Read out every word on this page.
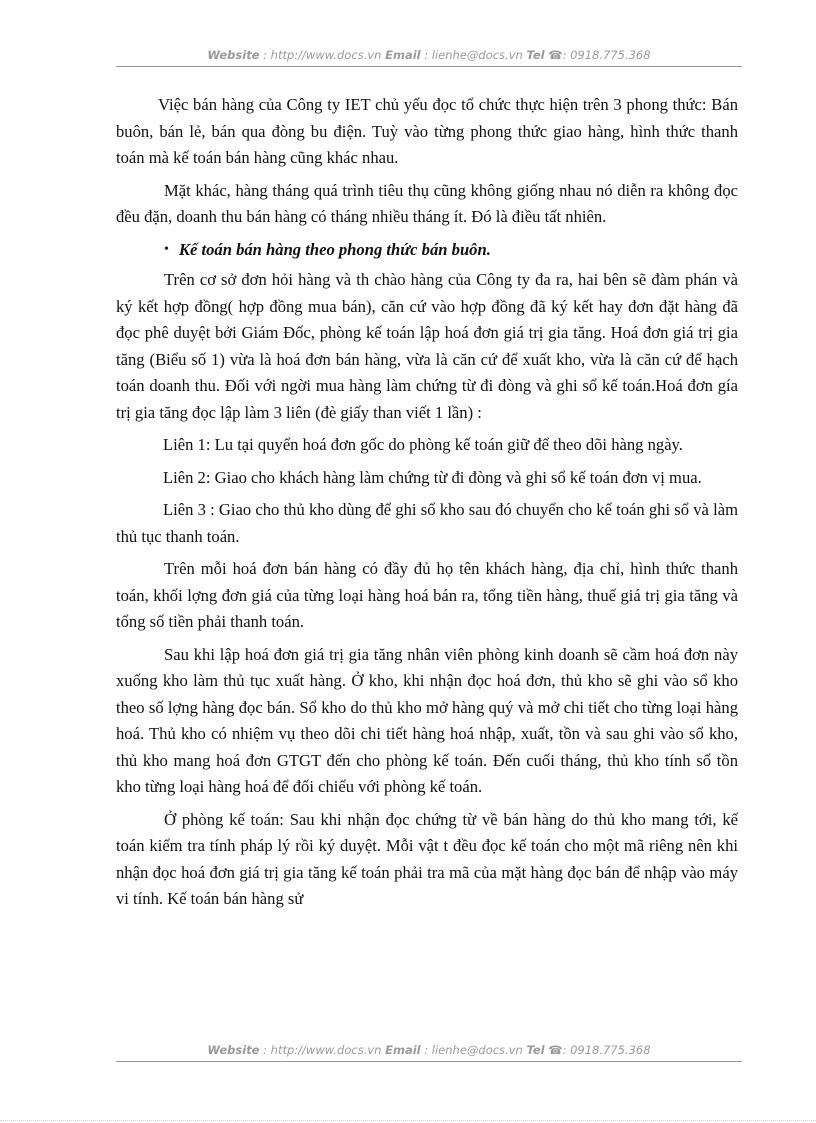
Website : http://www.docs.vn Email : lienhe@docs.vn Tel ☎: 0918.775.368

Việc bán hàng của Công ty IET chủ yếu đọc tổ chức thực hiện trên 3 phong thức: Bán buôn, bán lẻ, bán qua đòng bu điện. Tuỳ vào từng phong thức giao hàng, hình thức thanh toán mà kế toán bán hàng cũng khác nhau.

Mặt khác, hàng tháng quá trình tiêu thụ cũng không giống nhau nó diễn ra không đọc đều đặn, doanh thu bán hàng có tháng nhiều tháng ít. Đó là điều tất nhiên.

• Kế toán bán hàng theo phong thức bán buôn.

Trên cơ sở đơn hỏi hàng và th chào hàng của Công ty đa ra, hai bên sẽ đàm phán và ký kết hợp đồng( hợp đồng mua bán), căn cứ vào hợp đồng đã ký kết hay đơn đặt hàng đã đọc phê duyệt bởi Giám Đốc, phòng kế toán lập hoá đơn giá trị gia tăng. Hoá đơn giá trị gia tăng (Biểu số 1) vừa là hoá đơn bán hàng, vừa là căn cứ để xuất kho, vừa là căn cứ để hạch toán doanh thu. Đối với ngời mua hàng làm chứng từ đi đòng và ghi sổ kế toán.Hoá đơn gía trị gia tăng đọc lập làm 3 liên (đè giấy than viết 1 lần) :

Liên 1: Lu tại quyển hoá đơn gốc do phòng kế toán giữ để theo dõi hàng ngày.

Liên 2: Giao cho khách hàng làm chứng từ đi đòng và ghi sổ kế toán đơn vị mua.

Liên 3 : Giao cho thủ kho dùng để ghi sổ kho sau đó chuyển cho kế toán ghi sổ và làm thủ tục thanh toán.

Trên mỗi hoá đơn bán hàng có đầy đủ họ tên khách hàng, địa chỉ, hình thức thanh toán, khối lợng đơn giá của từng loại hàng hoá bán ra, tổng tiền hàng, thuế giá trị gia tăng và tổng số tiền phải thanh toán.

Sau khi lập hoá đơn giá trị gia tăng nhân viên phòng kinh doanh sẽ cầm hoá đơn này xuống kho làm thủ tục xuất hàng. Ở kho, khi nhận đọc hoá đơn, thủ kho sẽ ghi vào sổ kho theo số lợng hàng đọc bán. Sổ kho do thủ kho mở hàng quý và mở chi tiết cho từng loại hàng hoá. Thủ kho có nhiệm vụ theo dõi chi tiết hàng hoá nhập, xuất, tồn và sau ghi vào sổ kho, thủ kho mang hoá đơn GTGT đến cho phòng kế toán. Đến cuối tháng, thủ kho tính số tồn kho từng loại hàng hoá để đối chiếu với phòng kế toán.

Ở phòng kế toán: Sau khi nhận đọc chứng từ về bán hàng do thủ kho mang tới, kế toán kiểm tra tính pháp lý rồi ký duyệt. Mỗi vật t đều đọc kế toán cho một mã riêng nên khi nhận đọc hoá đơn giá trị gia tăng kế toán phải tra mã của mặt hàng đọc bán để nhập vào máy vi tính. Kế toán bán hàng sử

Website : http://www.docs.vn Email : lienhe@docs.vn Tel ☎: 0918.775.368
